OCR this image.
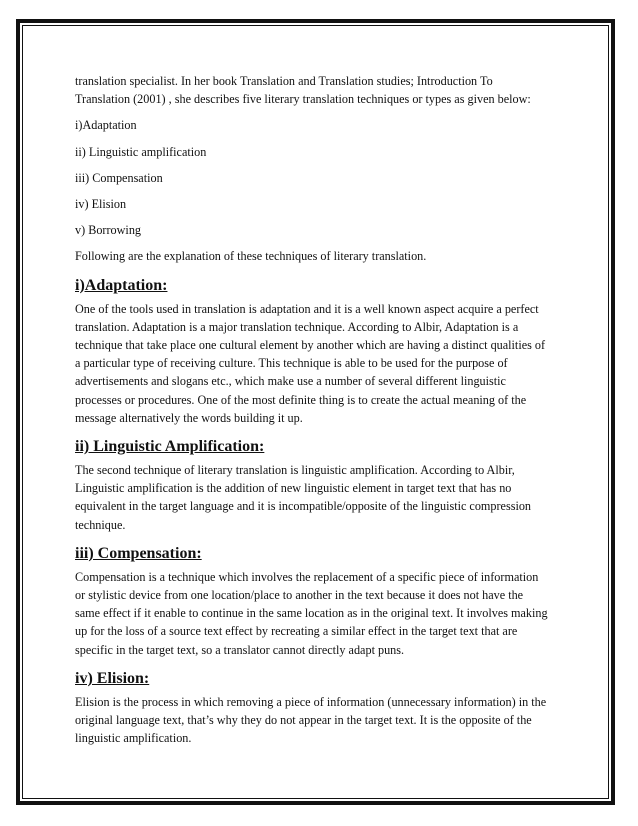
translation specialist. In her book Translation and Translation studies; Introduction To
Translation (2001) , she describes five literary translation techniques or types as given below:

i)Adaptation

ii) Linguistic amplification

iii) Compensation

iv) Elision

v) Borrowing

Following are the explanation of these techniques of literary translation.

i)Adaptation:

One of the tools used in translation is adaptation and it is a well known aspect acquire a perfect
translation. Adaptation is a major translation technique. According to Albir, Adaptation is a
technique that take place one cultural element by another which are having a distinct qualities of
a particular type of receiving culture. This technique is able to be used for the purpose of
advertisements and slogans etc., which make use a number of several different linguistic
processes or procedures. One of the most definite thing is to create the actual meaning of the
message alternatively the words building it up.

ii) Linguistic Amplification:

The second technique of literary translation is linguistic amplification. According to Albir,
Linguistic amplification is the addition of new linguistic element in target text that has no
equivalent in the target language and it is incompatible/opposite of the linguistic compression
technique.

iii) Compensation:

Compensation is a technique which involves the replacement of a specific piece of information
or stylistic device from one location/place to another in the text because it does not have the
same effect if it enable to continue in the same location as in the original text. It involves making
up for the loss of a source text effect by recreating a similar effect in the target text that are
specific in the target text, so a translator cannot directly adapt puns.

iv) Elision:

Elision is the process in which removing a piece of information (unnecessary information) in the
original language text, that’s why they do not appear in the target text. It is the opposite of the
linguistic amplification.
